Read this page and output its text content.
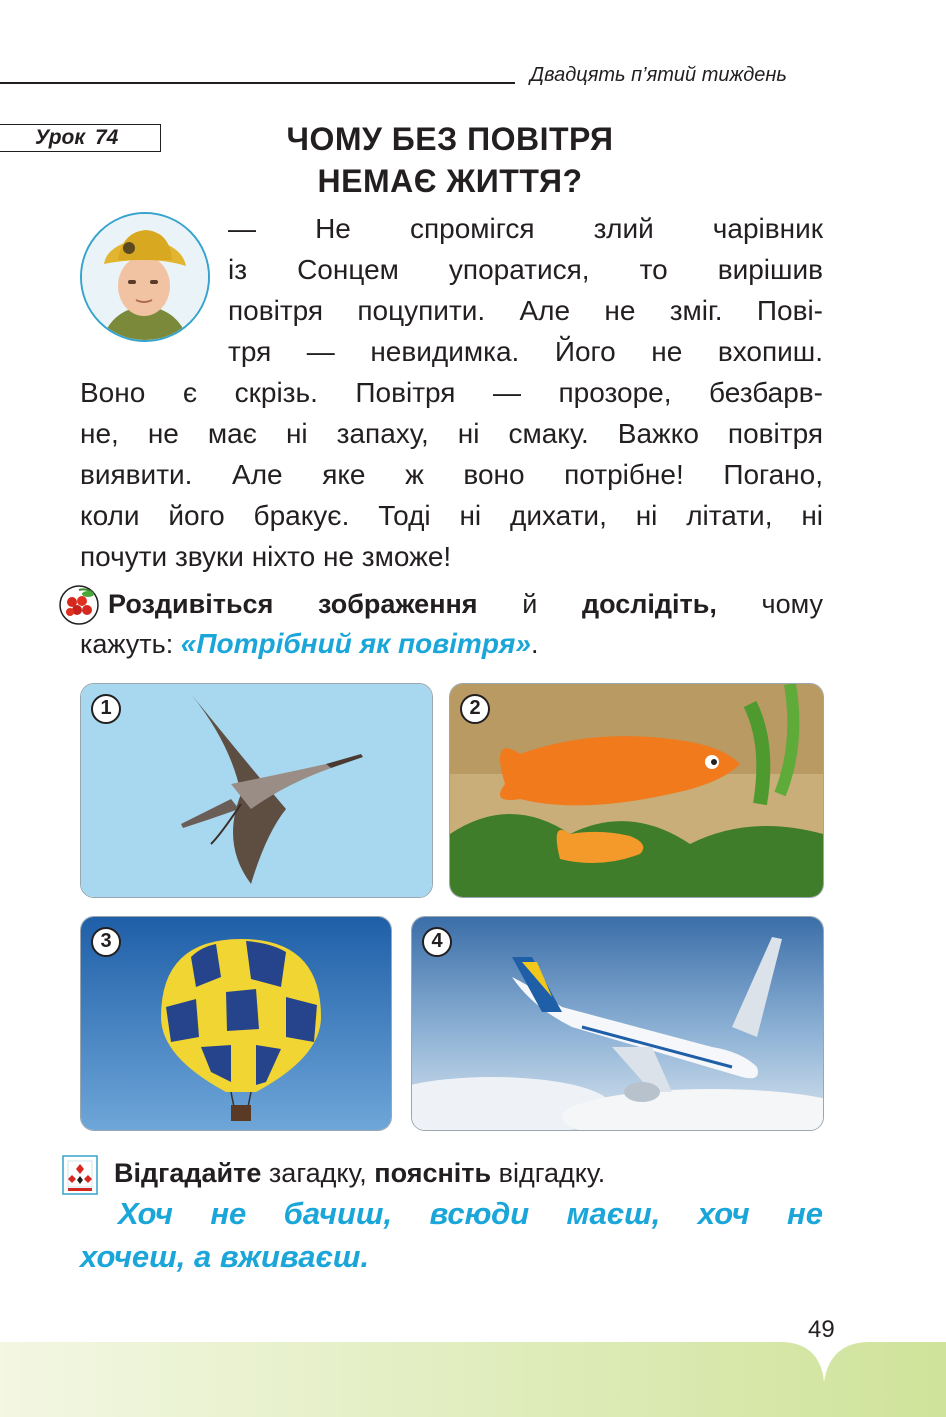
Двадцять п’ятий тиждень
Урок 74	ЧОМУ БЕЗ ПОВІТРЯ
НЕМАЄ ЖИТТЯ?
— Не спромігся злий чарівник
із Сонцем упоратися, то вирішив
повітря поцупити. Але не зміг. Пові-
тря — невидимка. Його не вхопиш.
Воно є скрізь. Повітря — прозоре, безбарв-
не, не має ні запаху, ні смаку. Важко повітря
виявити. Але яке ж воно потрібне! Погано,
коли його бракує. Тоді ні дихати, ні літати, ні
почути звуки ніхто не зможе!
Роздивіться зображення й дослідіть, чому
кажуть: «Потрібний як повітря».
1	2
3	4
Відгадайте загадку, поясніть відгадку.
Хоч не бачиш, всюди маєш, хоч не
хочеш, а вживаєш.
49
